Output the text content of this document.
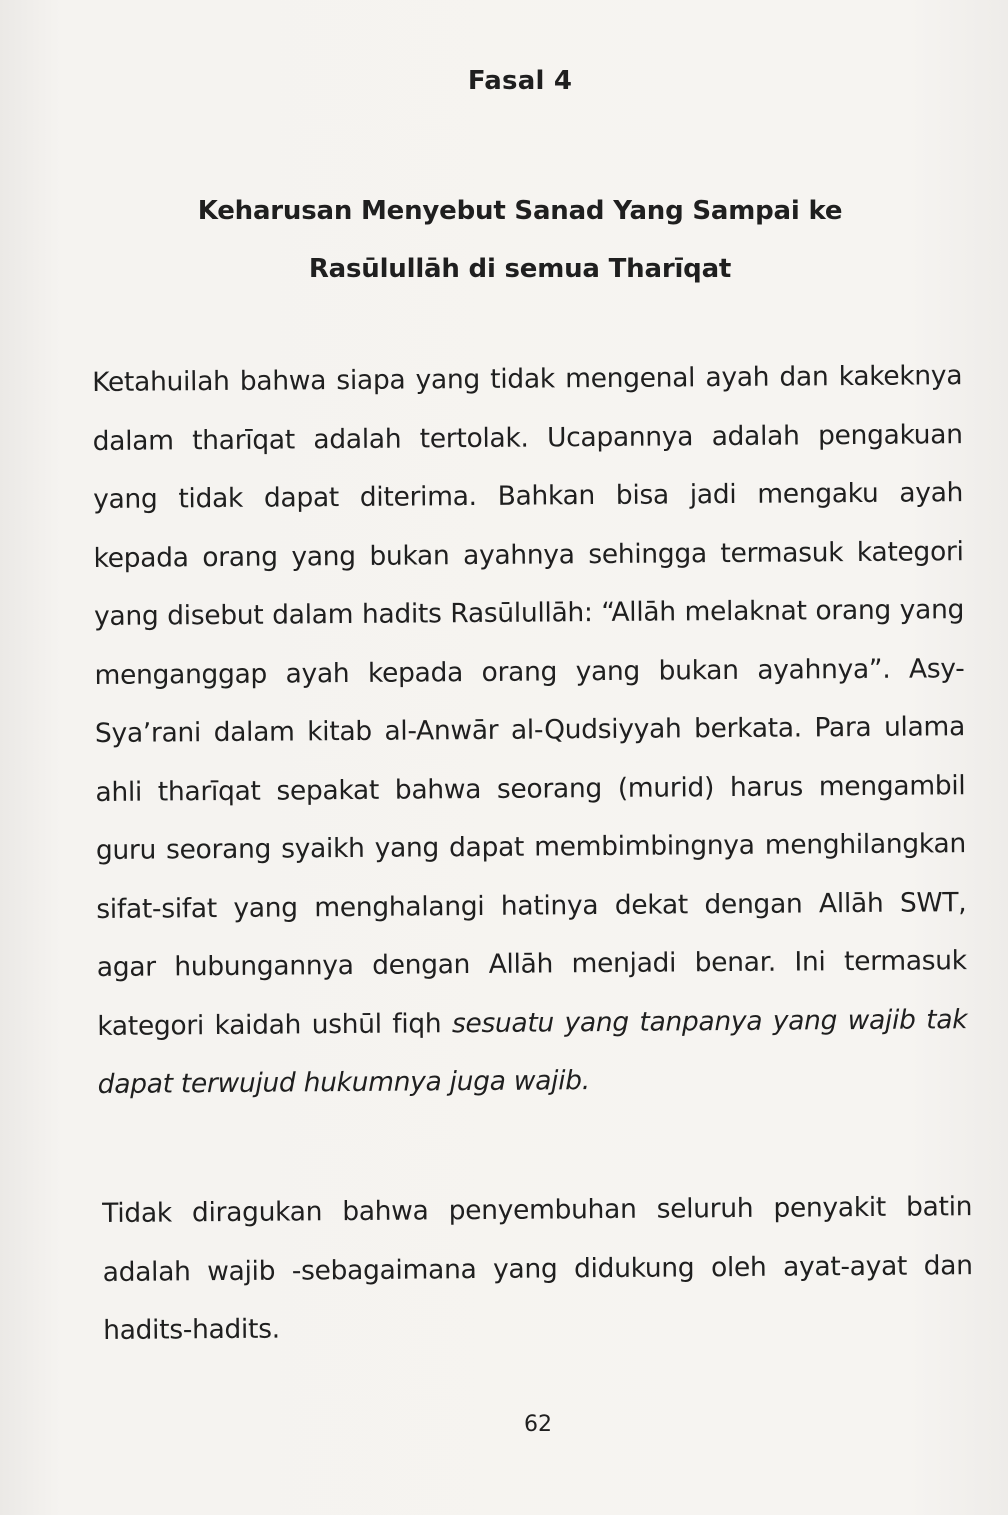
Fasal 4
Keharusan Menyebut Sanad Yang Sampai ke
Rasūlullāh di semua Tharīqat
Ketahuilah bahwa siapa yang tidak mengenal ayah dan kakeknya dalam tharīqat adalah tertolak. Ucapannya adalah pengakuan yang tidak dapat diterima. Bahkan bisa jadi mengaku ayah kepada orang yang bukan ayahnya sehingga termasuk kategori yang disebut dalam hadits Rasūlullāh: “Allāh melaknat orang yang menganggap ayah kepada orang yang bukan ayahnya”. Asy-Sya’rani dalam kitab al-Anwār al-Qudsiyyah berkata. Para ulama ahli tharīqat sepakat bahwa seorang (murid) harus mengambil guru seorang syaikh yang dapat membimbingnya menghilangkan sifat-sifat yang menghalangi hatinya dekat dengan Allāh SWT, agar hubungannya dengan Allāh menjadi benar. Ini termasuk kategori kaidah ushūl fiqh sesuatu yang tanpanya yang wajib tak dapat terwujud hukumnya juga wajib.
Tidak diragukan bahwa penyembuhan seluruh penyakit batin adalah wajib -sebagaimana yang didukung oleh ayat-ayat dan hadits-hadits.
62
